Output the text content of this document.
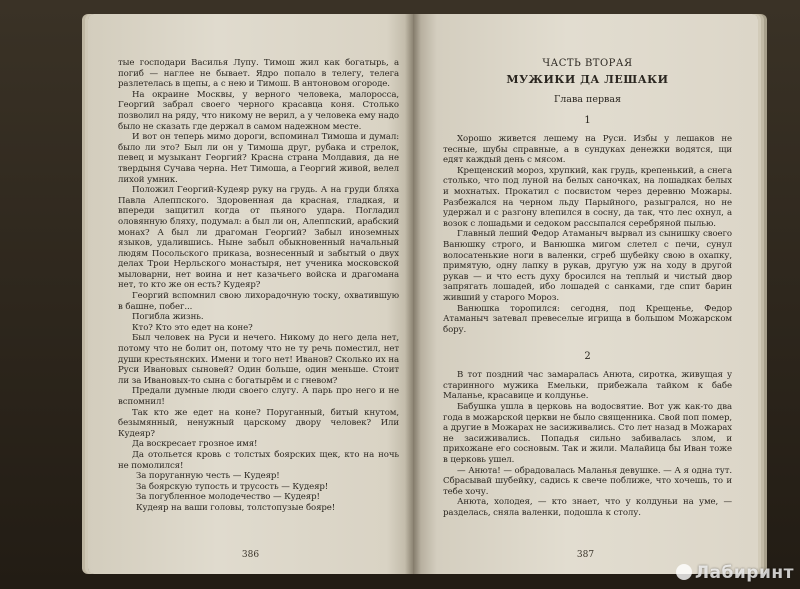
тые господари Василья Лупу. Тимош жил как богатырь, а погиб — наглее не бывает. Ядро попало в телегу, телега разлетелась в щепы, а с нею и Тимош. В антоновом огороде.

На окраине Москвы, у верного человека, малоросса, Георгий забрал своего черного красавца коня. Столько позволил на ряду, что никому не верил, а у человека ему надо было не сказать где держал в самом надежном месте.

И вот он теперь мимо дороги, вспоминал Тимоша и думал: было ли это? Был ли он у Тимоша друг, рубака и стрелок, певец и музыкант Георгий? Красна страна Молдавия, да не твердыня Сучава черна. Нет Тимоша, а Георгий живой, велел лихой умник.

Положил Георгий-Кудеяр руку на грудь. А на груди бляха Павла Алеппского. Здоровенная да красная, гладкая, и впереди защитил когда от пьяного удара. Погладил оловянную бляху, подумал: а был ли он, Алеппский, арабский монах? А был ли драгоман Георгий? Забыл иноземных языков, удалившись. Ныне забыл обыкновенный начальный людям Посольского приказа, вознесенный и забытый о двух делах Трои Нерльского монастыря, нет ученика московской мыловарни, нет воина и нет казачьего войска и драгомана нет, то кто же он есть? Кудеяр?

Георгий вспомнил свою лихорадочную тоску, охватившую в башне, побег...

Погибла жизнь.

Кто? Кто это едет на коне?

Был человек на Руси и нечего. Никому до него дела нет, потому что не болит он, потому что не ту речь поместил, нет души крестьянских. Имени и того нет! Иванов? Сколько их на Руси Ивановых сыновей? Один больше, один меньше. Стоит ли за Ивановых-то сына с богатырём и с гневом?

Предали думные люди своего слугу. А парь про него и не вспомнил!

Так кто же едет на коне? Поруганный, битый кнутом, безымянный, ненужный царскому двору человек? Или Кудеяр?

Да воскресает грозное имя!

Да отольется кровь с толстых боярских щек, кто на ночь не помолился!

За поруганную честь — Кудеяр!

За боярскую тупость и трусость — Кудеяр!

За погубленное молодечество — Кудеяр!

Кудеяр на ваши головы, толстопузые бояре!

386
ЧАСТЬ ВТОРАЯ
МУЖИКИ ДА ЛЕШАКИ
Глава первая
1

Хорошо живется лешему на Руси. Избы у лешаков не тесные, шубы справные, а в сундуках денежки водятся, щи едят каждый день с мясом.

Крещенский мороз, хрупкий, как грудь, крепенький, а снега столько, что под луной на белых саночках, на лошадках белых и мохнатых. Прокатил с посвистом через деревню Можары. Разбежался на черном льду Парыйного, разыгрался, но не удержал и с разгону влепился в сосну, да так, что лес охнул, а возок с лошадьми и седоком рассыпался серебряной пылью.

Главный леший Федор Атаманыч вырвал из сынишку своего Ванюшку строго, и Ванюшка мигом слетел с печи, сунул волосатенькие ноги в валенки, сгреб шубейку свою в охапку, примятую, одну лапку в рукав, другую уж на ходу в другой рукав — и что есть духу бросился на теплый и чистый двор запрягать лошадей, ибо лошадей с санками, где спит барин живший у старого Мороз.

Ванюшка торопился: сегодня, под Крещенье, Федор Атаманыч затевал превеселые игрища в большом Можарском бору.

2

В тот поздний час замаралась Анюта, сиротка, живущая у старинного мужика Емельки, прибежала тайком к бабе Маланье, красавице и колдунье.

Бабушка ушла в церковь на водосвятие. Вот уж как-то два года в можарской церкви не было священника. Свой поп помер, а другие в Можарах не засиживались. Сто лет назад в Можарах не засиживались. Попадья сильно забивалась злом, и прихожане его сосновым. Так и жили. Малайица бы Иван тоже в церковь ушел.

— Анюта! — обрадовалась Маланья девушке. — А я одна тут. Сбрасывай шубейку, садись к свече поближе, что хочешь, то и тебе хочу.

Анюта, холодея, — кто знает, что у колдуньи на уме, — разделась, сняла валенки, подошла к столу.

387
Лабиринт
